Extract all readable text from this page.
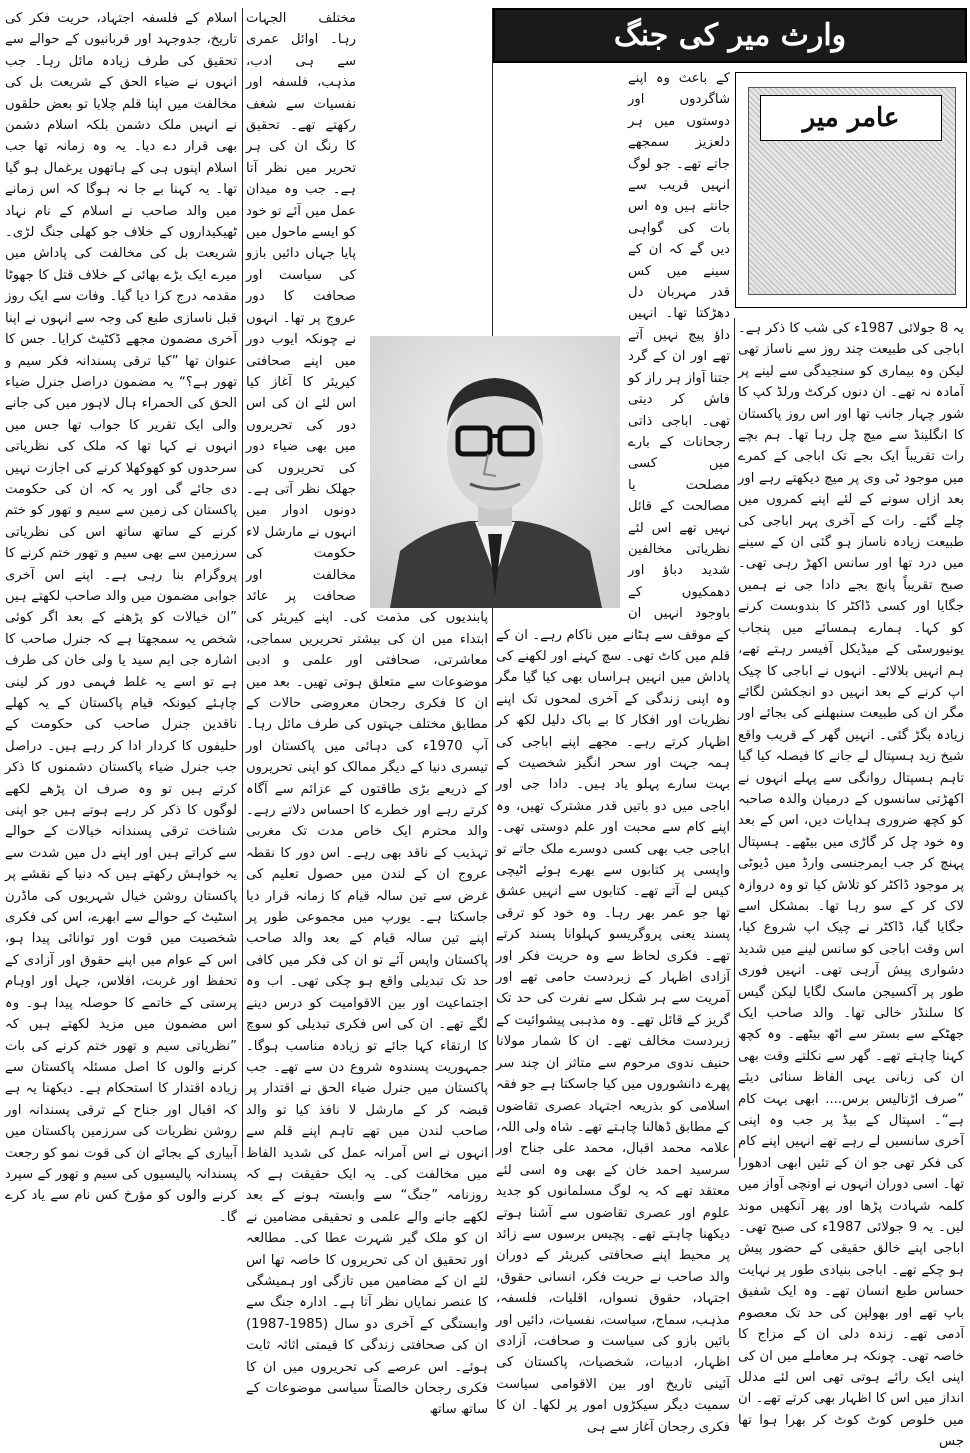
وارث میر کی جنگ
عامر میر

یہ 8 جولائی 1987ء کی شب کا ذکر ہے۔ اباجی کی طبیعت چند روز سے ناساز تھی لیکن وہ بیماری کو سنجیدگی سے لینے پر آمادہ نہ تھے۔ ان دنوں کرکٹ ورلڈ کپ کا شور چہار جانب تھا اور اس روز پاکستان کا انگلینڈ سے میچ چل رہا تھا۔ ہم بچے رات تقریباً ایک بجے تک اباجی کے کمرے میں موجود ٹی وی پر میچ دیکھتے رہے اور بعد ازاں سونے کے لئے اپنے کمروں میں چلے گئے۔ رات کے آخری پہر اباجی کی طبیعت زیادہ ناساز ہو گئی ان کے سینے میں درد تھا اور سانس اکھڑ رہی تھی۔ صبح تقریباً پانچ بجے دادا جی نے ہمیں جگایا اور کسی ڈاکٹر کا بندوبست کرنے کو کہا۔ ہمارے ہمسائے میں پنجاب یونیورسٹی کے میڈیکل آفیسر رہتے تھے، ہم انہیں بلالائے۔ انہوں نے اباجی کا چیک اپ کرنے کے بعد انہیں دو انجکشن لگائے مگر ان کی طبیعت سنبھلنے کی بجائے اور زیادہ بگڑ گئی۔ انہیں گھر کے قریب واقع شیخ زید ہسپتال لے جانے کا فیصلہ کیا گیا تاہم ہسپتال روانگی سے پہلے انہوں نے اکھڑتی سانسوں کے درمیان والدہ صاحبہ کو کچھ ضروری ہدایات دیں، اس کے بعد وہ خود چل کر گاڑی میں بیٹھے۔ ہسپتال پہنچ کر جب ایمرجنسی وارڈ میں ڈیوٹی پر موجود ڈاکٹر کو تلاش کیا تو وہ دروازہ لاک کر کے سو رہا تھا۔ بمشکل اسے جگایا گیا، ڈاکٹر نے چیک اپ شروع کیا، اس وقت اباجی کو سانس لینے میں شدید دشواری پیش آرہی تھی۔ انہیں فوری طور پر آکسیجن ماسک لگایا لیکن گیس کا سلنڈر خالی تھا۔ والد صاحب ایک جھٹکے سے بستر سے اٹھ بیٹھے۔ وہ کچھ کہنا چاہتے تھے۔ گھر سے نکلتے وقت بھی ان کی زبانی یہی الفاظ سنائی دیئے ”صرف اڑتالیس برس.... ابھی بہت کام ہے“۔ اسپتال کے بیڈ پر جب وہ اپنی آخری سانسیں لے رہے تھے انہیں اپنے کام کی فکر تھی جو ان کے تئیں ابھی ادھورا تھا۔ اسی دوران انہوں نے اونچی آواز میں کلمہ شہادت پڑھا اور پھر آنکھیں موند لیں۔ یہ 9 جولائی 1987ء کی صبح تھی۔ اباجی اپنے خالق حقیقی کے حضور پیش ہو چکے تھے۔ اباجی بنیادی طور پر نہایت حساس طبع انسان تھے۔ وہ ایک شفیق باپ تھے اور بھولپن کی حد تک معصوم آدمی تھے۔ زندہ دلی ان کے مزاج کا خاصہ تھی۔ چونکہ ہر معاملے میں ان کی اپنی ایک رائے ہوتی تھی اس لئے مدلل انداز میں اس کا اظہار بھی کرتے تھے۔ ان میں خلوص کوٹ کوٹ کر بھرا ہوا تھا جس

کے باعث وہ اپنے شاگردوں اور دوستوں میں ہر دلعزیز سمجھے جاتے تھے۔ جو لوگ انہیں قریب سے جانتے ہیں وہ اس بات کی گواہی دیں گے کہ ان کے سینے میں کس قدر مہربان دل دھڑکتا تھا۔ انہیں داؤ پیچ نہیں آتے تھے اور ان کے گرد جتنا آواز ہر راز کو فاش کر دیتی تھی۔ اباجی ذاتی رجحانات کے بارے میں کسی مصلحت یا مصالحت کے قائل نہیں تھے اس لئے نظریاتی مخالفین شدید دباؤ اور دھمکیوں کے باوجود انہیں ان کے موقف سے ہٹانے میں ناکام رہے۔ ان کے قلم میں کاٹ تھی۔ سچ کہنے اور لکھنے کی پاداش میں انہیں ہراساں بھی کیا گیا مگر وہ اپنی زندگی کے آخری لمحوں تک اپنے نظریات اور افکار کا بے باک دلیل لکھ کر اظہار کرتے رہے۔ مجھے اپنے اباجی کی ہمہ جہت اور سحر انگیز شخصیت کے بہت سارے پہلو یاد ہیں۔ دادا جی اور اباجی میں دو باتیں قدر مشترک تھیں، وہ اپنے کام سے محبت اور علم دوستی تھی۔ اباجی جب بھی کسی دوسرے ملک جاتے تو واپسی پر کتابوں سے بھرے ہوئے اٹیچی کیس لے آتے تھے۔ کتابوں سے انہیں عشق تھا جو عمر بھر رہا۔ وہ خود کو ترقی پسند یعنی پروگریسو کہلوانا پسند کرتے تھے۔ فکری لحاظ سے وہ حریت فکر اور آزادی اظہار کے زبردست حامی تھے اور آمریت سے ہر شکل سے نفرت کی حد تک گریز کے قائل تھے۔ وہ مذہبی پیشوائیت کے زبردست مخالف تھے۔ ان کا شمار مولانا حنیف ندوی مرحوم سے متاثر ان چند سر پھرے دانشوروں میں کیا جاسکتا ہے جو فقہ اسلامی کو بذریعہ اجتہاد عصری تقاضوں کے مطابق ڈھالنا چاہتے تھے۔ شاہ ولی اللہ، علامہ محمد اقبال، محمد علی جناح اور سرسید احمد خان کے بھی وہ اسی لئے معتقد تھے کہ یہ لوگ مسلمانوں کو جدید علوم اور عصری تقاضوں سے آشنا ہوتے دیکھنا چاہتے تھے۔ پچیس برسوں سے زائد پر محیط اپنے صحافتی کیریئر کے دوران والد صاحب نے حریت فکر، انسانی حقوق، اجتہاد، حقوق نسواں، اقلیات، فلسفہ، مذہب، سماج، سیاست، نفسیات، دائیں اور بائیں بازو کی سیاست و صحافت، آزادی اظہار، ادبیات، شخصیات، پاکستان کی آئینی تاریخ اور بین الاقوامی سیاست سمیت دیگر سیکڑوں امور پر لکھا۔ ان کا فکری رجحان آغاز سے ہی

مختلف الجہات رہا۔ اوائل عمری سے ہی ادب، مذہب، فلسفہ اور نفسیات سے شغف رکھتے تھے۔ تحقیق کا رنگ ان کی ہر تحریر میں نظر آتا ہے۔ جب وہ میدان عمل میں آئے تو خود کو ایسے ماحول میں پایا جہاں دائیں بازو کی سیاست اور صحافت کا دور عروج پر تھا۔ انہوں نے چونکہ ایوب دور میں اپنے صحافتی کیریئر کا آغاز کیا اس لئے ان کی اس دور کی تحریروں میں بھی ضیاء دور کی تحریروں کی جھلک نظر آتی ہے۔ دونوں ادوار میں انہوں نے مارشل لاء حکومت کی مخالفت اور صحافت پر عائد پابندیوں کی مذمت کی۔ اپنے کیریئر کی ابتداء میں ان کی بیشتر تحریریں سماجی، معاشرتی، صحافتی اور علمی و ادبی موضوعات سے متعلق ہوتی تھیں۔ بعد میں ان کا فکری رجحان معروضی حالات کے مطابق مختلف جہتوں کی طرف مائل رہا۔ آپ 1970ء کی دہائی میں پاکستان اور تیسری دنیا کے دیگر ممالک کو اپنی تحریروں کے ذریعے بڑی طاقتوں کے عزائم سے آگاہ کرتے رہے اور خطرے کا احساس دلاتے رہے۔ والد محترم ایک خاص مدت تک مغربی تہذیب کے ناقد بھی رہے۔ اس دور کا نقطہ عروج ان کے لندن میں حصول تعلیم کی غرض سے تین سالہ قیام کا زمانہ قرار دیا جاسکتا ہے۔ یورپ میں مجموعی طور پر اپنے تین سالہ قیام کے بعد والد صاحب پاکستان واپس آئے تو ان کی فکر میں کافی حد تک تبدیلی واقع ہو چکی تھی۔ اب وہ اجتماعیت اور بین الاقوامیت کو درس دینے لگے تھے۔ ان کی اس فکری تبدیلی کو سوچ کا ارتقاء کہا جائے تو زیادہ مناسب ہوگا۔ جمہوریت پسندوہ شروع دن سے تھے۔ جب پاکستان میں جنرل ضیاء الحق نے اقتدار پر قبضہ کر کے مارشل لا نافذ کیا تو والد صاحب لندن میں تھے تاہم اپنے قلم سے انہوں نے اس آمرانہ عمل کی شدید الفاظ میں مخالفت کی۔ یہ ایک حقیقت ہے کہ روزنامہ ”جنگ“ سے وابستہ ہونے کے بعد لکھے جانے والے علمی و تحقیقی مضامین نے ان کو ملک گیر شہرت عطا کی۔ مطالعہ اور تحقیق ان کی تحریروں کا خاصہ تھا اس لئے ان کے مضامین میں تازگی اور ہمیشگی کا عنصر نمایاں نظر آتا ہے۔ ادارہ جنگ سے وابستگی کے آخری دو سال (1985-1987) ان کی صحافتی زندگی کا قیمتی اثاثہ ثابت ہوئے۔ اس عرصے کی تحریروں میں ان کا فکری رجحان خالصتاً سیاسی موضوعات کے ساتھ ساتھ

اسلام کے فلسفہ اجتہاد، حریت فکر کی تاریخ، جدوجہد اور قربانیوں کے حوالے سے تحقیق کی طرف زیادہ مائل رہا۔ جب انہوں نے ضیاء الحق کے شریعت بل کی مخالفت میں اپنا قلم چلایا تو بعض حلقوں نے انہیں ملک دشمن بلکہ اسلام دشمن بھی قرار دے دیا۔ یہ وہ زمانہ تھا جب اسلام اپنوں ہی کے ہاتھوں یرغمال ہو گیا تھا۔ یہ کہنا بے جا نہ ہوگا کہ اس زمانے میں والد صاحب نے اسلام کے نام نہاد ٹھیکیداروں کے خلاف جو کھلی جنگ لڑی۔ شریعت بل کی مخالفت کی پاداش میں میرے ایک بڑے بھائی کے خلاف قتل کا جھوٹا مقدمہ درج کرا دیا گیا۔ وفات سے ایک روز قبل ناسازی طبع کی وجہ سے انہوں نے اپنا آخری مضمون مجھے ڈکٹیٹ کرایا۔ جس کا عنوان تھا ”کیا ترقی پسندانہ فکر سیم و تھور ہے؟“ یہ مضمون دراصل جنرل ضیاء الحق کی الحمراء ہال لاہور میں کی جانے والی ایک تقریر کا جواب تھا جس میں انہوں نے کہا تھا کہ ملک کی نظریاتی سرحدوں کو کھوکھلا کرنے کی اجازت نہیں دی جائے گی اور یہ کہ ان کی حکومت پاکستان کی زمین سے سیم و تھور کو ختم کرنے کے ساتھ ساتھ اس کی نظریاتی سرزمین سے بھی سیم و تھور ختم کرنے کا پروگرام بنا رہی ہے۔ اپنے اس آخری جوابی مضمون میں والد صاحب لکھتے ہیں ”ان خیالات کو پڑھنے کے بعد اگر کوئی شخص یہ سمجھتا ہے کہ جنرل صاحب کا اشارہ جی ایم سید یا ولی خان کی طرف ہے تو اسے یہ غلط فہمی دور کر لینی چاہئے کیونکہ قیام پاکستان کے یہ کھلے ناقدین جنرل صاحب کی حکومت کے حلیفوں کا کردار ادا کر رہے ہیں۔ دراصل جب جنرل ضیاء پاکستان دشمنوں کا ذکر کرتے ہیں تو وہ صرف ان پڑھے لکھے لوگوں کا ذکر کر رہے ہوتے ہیں جو اپنی شناخت ترقی پسندانہ خیالات کے حوالے سے کراتے ہیں اور اپنے دل میں شدت سے یہ خواہش رکھتے ہیں کہ دنیا کے نقشے پر پاکستان روشن خیال شہریوں کی ماڈرن اسٹیٹ کے حوالے سے ابھرے، اس کی فکری شخصیت میں قوت اور توانائی پیدا ہو، اس کے عوام میں اپنے حقوق اور آزادی کے تحفظ اور غربت، افلاس، جہل اور اوہام پرستی کے خاتمے کا حوصلہ پیدا ہو۔ وہ اس مضمون میں مزید لکھتے ہیں کہ ”نظریاتی سیم و تھور ختم کرنے کی بات کرنے والوں کا اصل مسئلہ پاکستان سے زیادہ اقتدار کا استحکام ہے۔ دیکھنا یہ ہے کہ اقبال اور جناح کے ترقی پسندانہ اور روشن نظریات کی سرزمین پاکستان میں آبیاری کے بجائے ان کی قوت نمو کو رجعت پسندانہ پالیسیوں کی سیم و تھور کے سپرد کرنے والوں کو مؤرخ کس نام سے یاد کرے گا۔
